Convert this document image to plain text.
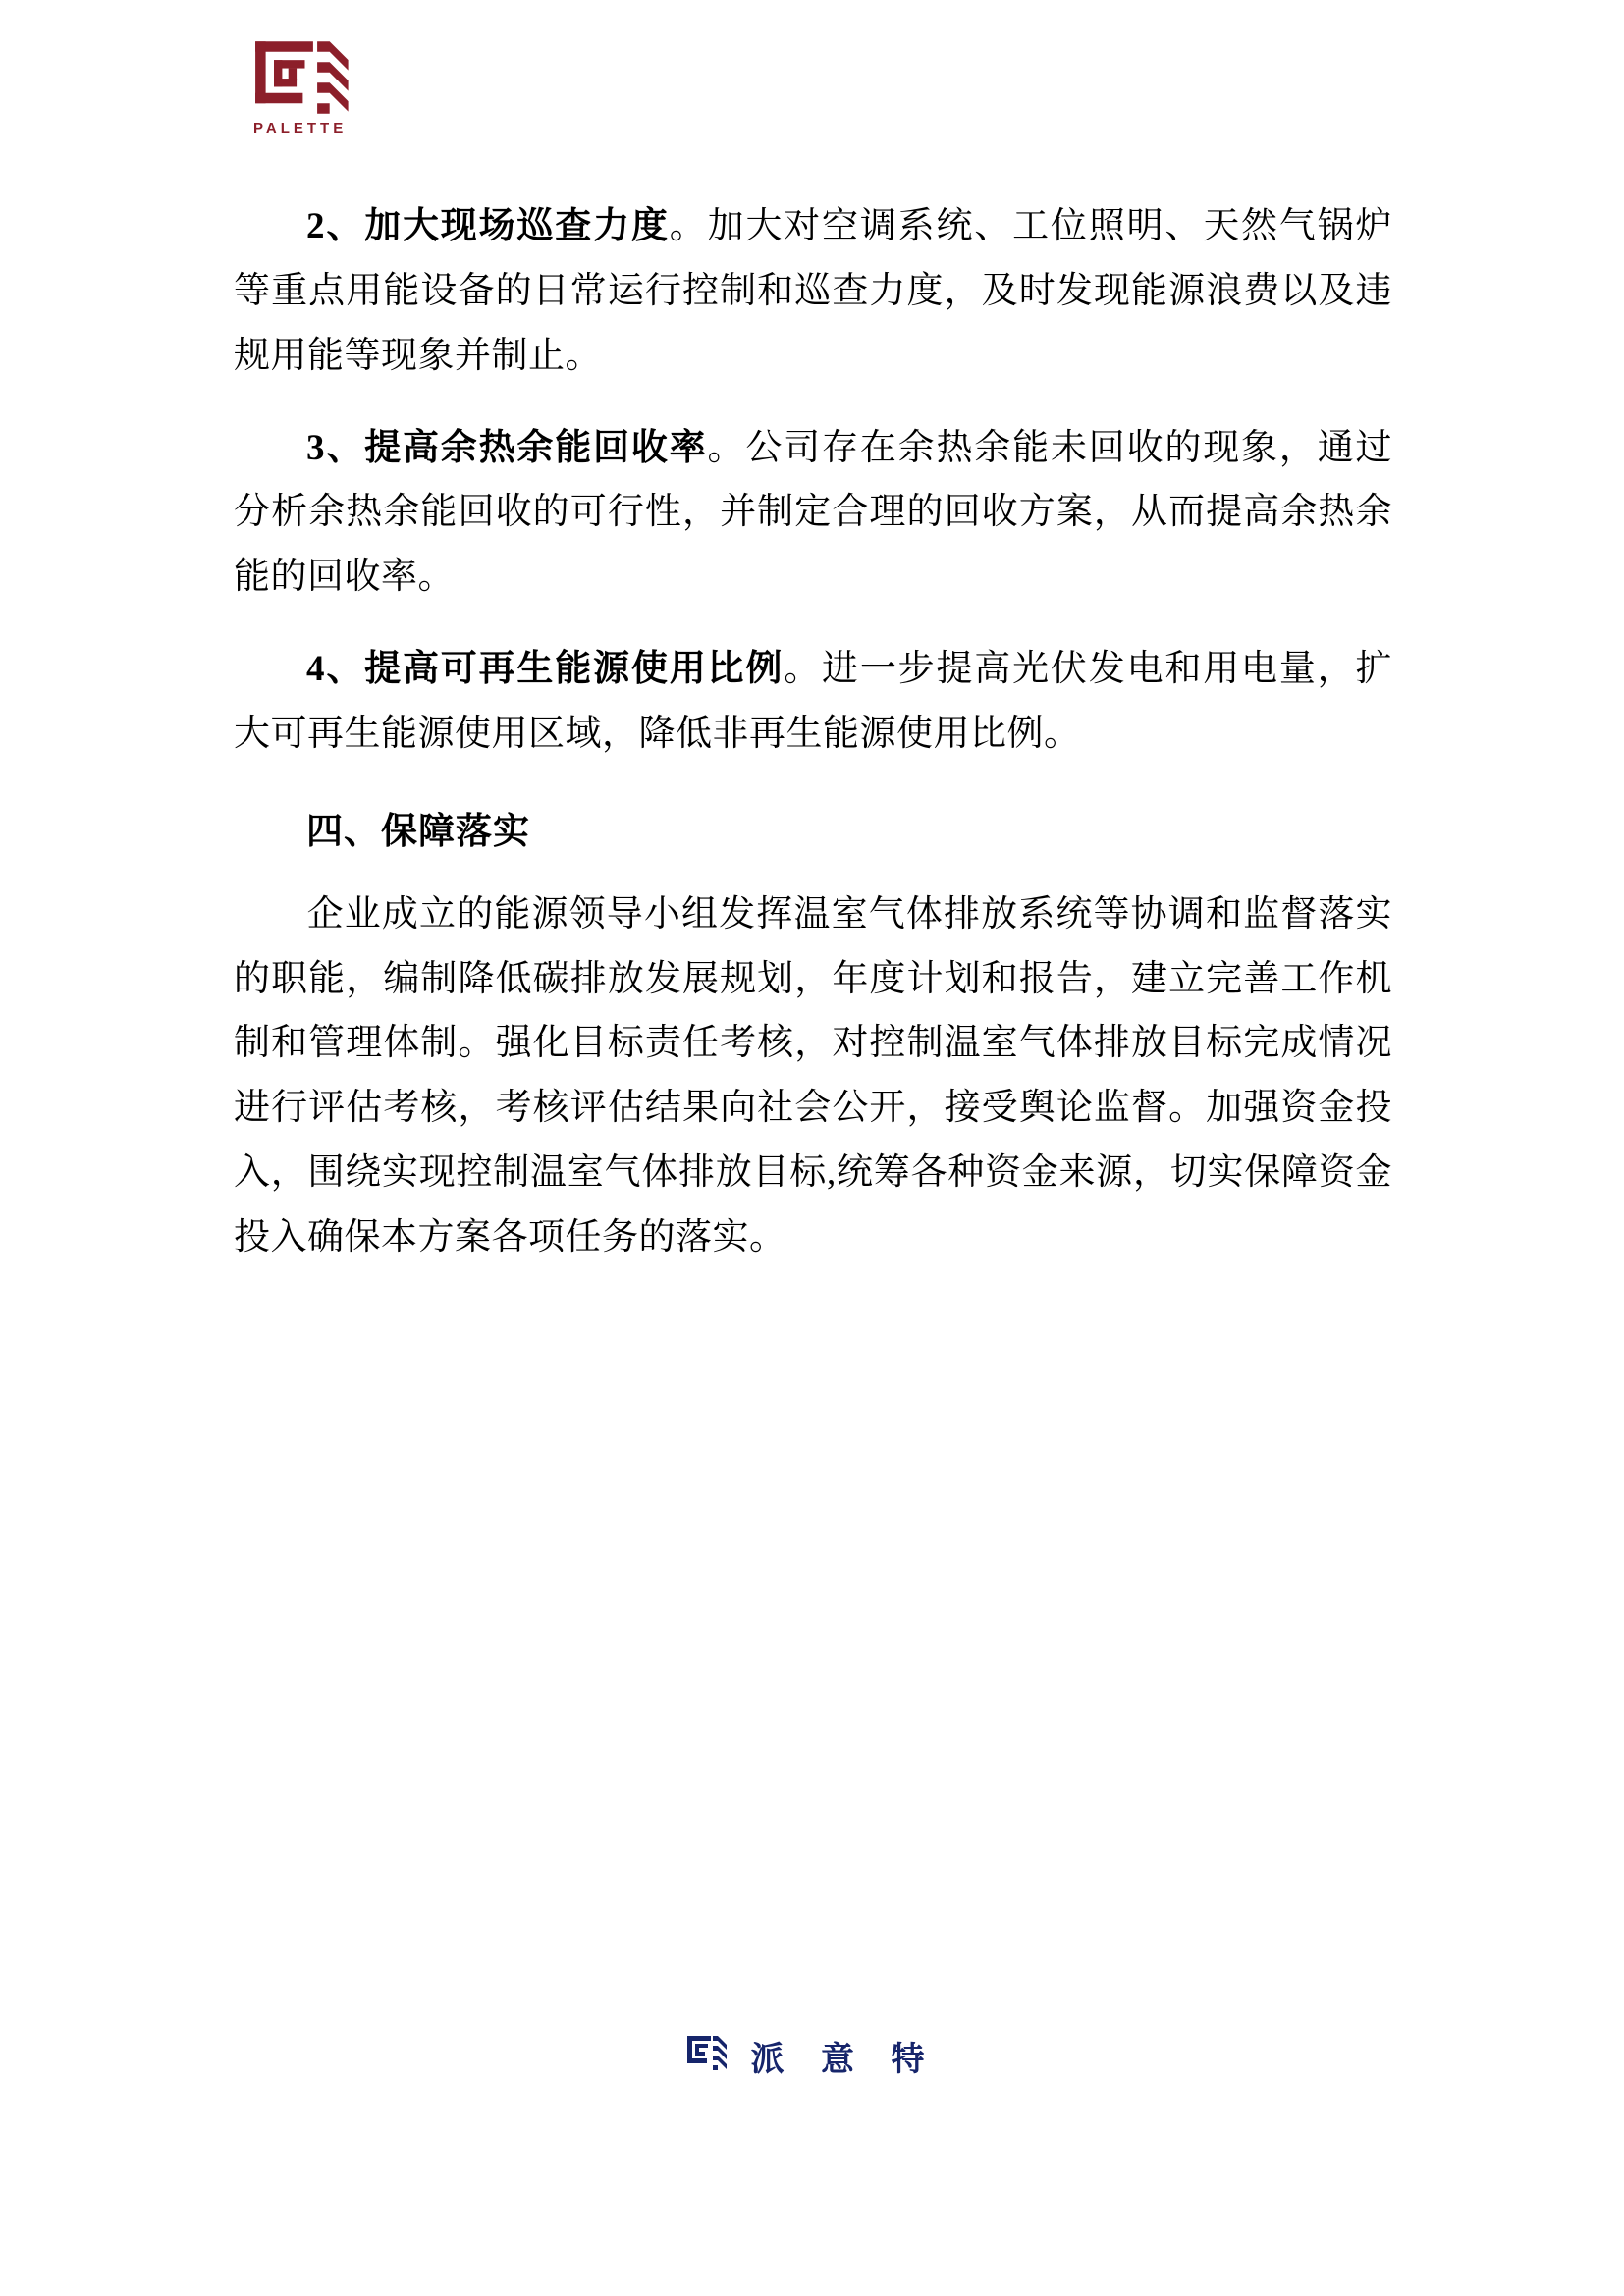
PALETTE

2、加大现场巡查力度。加大对空调系统、工位照明、天然气锅炉等重点用能设备的日常运行控制和巡查力度，及时发现能源浪费以及违规用能等现象并制止。

3、提高余热余能回收率。公司存在余热余能未回收的现象，通过分析余热余能回收的可行性，并制定合理的回收方案，从而提高余热余能的回收率。

4、提高可再生能源使用比例。进一步提高光伏发电和用电量，扩大可再生能源使用区域，降低非再生能源使用比例。

四、保障落实

企业成立的能源领导小组发挥温室气体排放系统等协调和监督落实的职能，编制降低碳排放发展规划，年度计划和报告，建立完善工作机制和管理体制。强化目标责任考核，对控制温室气体排放目标完成情况进行评估考核，考核评估结果向社会公开，接受舆论监督。加强资金投入，围绕实现控制温室气体排放目标,统筹各种资金来源，切实保障资金投入确保本方案各项任务的落实。

派 意 特
